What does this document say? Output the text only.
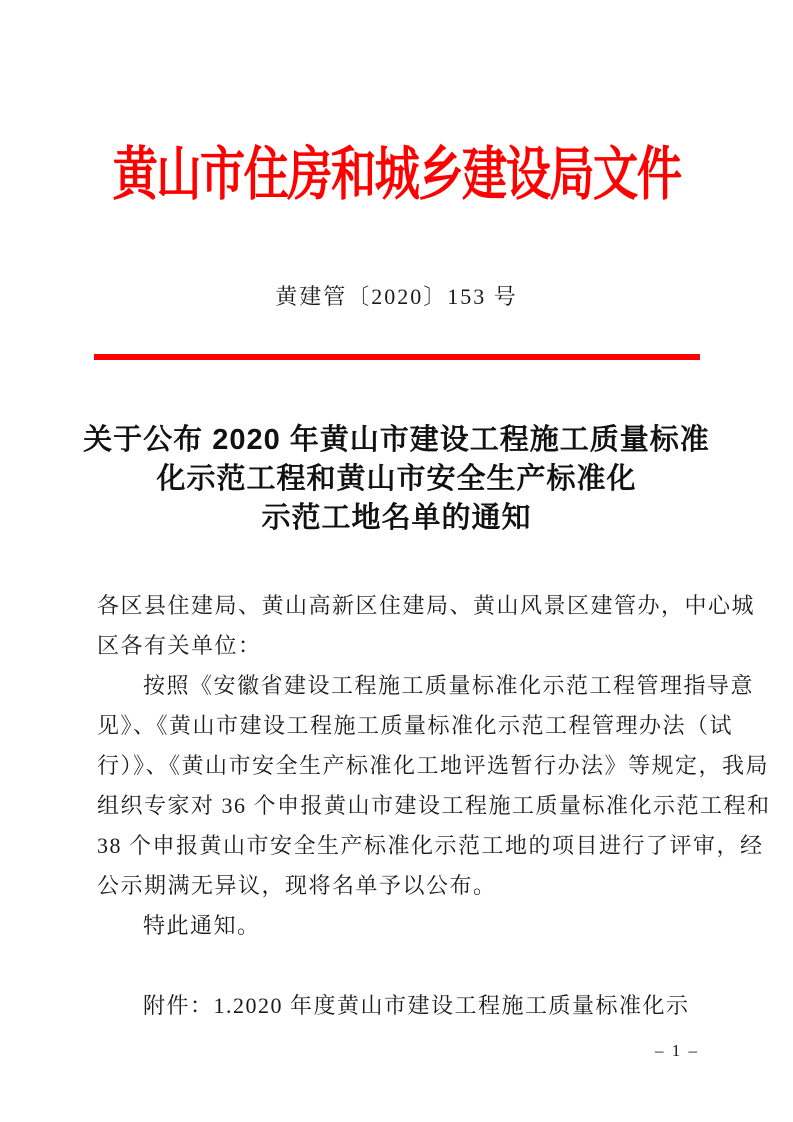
黄山市住房和城乡建设局文件
黄建管〔2020〕153 号
关于公布 2020 年黄山市建设工程施工质量标准
化示范工程和黄山市安全生产标准化
示范工地名单的通知
各区县住建局、黄山高新区住建局、黄山风景区建管办，中心城
区各有关单位：
按照《安徽省建设工程施工质量标准化示范工程管理指导意
见》、《黄山市建设工程施工质量标准化示范工程管理办法（试
行）》、《黄山市安全生产标准化工地评选暂行办法》等规定，我局
组织专家对 36 个申报黄山市建设工程施工质量标准化示范工程和
38 个申报黄山市安全生产标准化示范工地的项目进行了评审，经
公示期满无异议，现将名单予以公布。
特此通知。
附件：1.2020 年度黄山市建设工程施工质量标准化示
– 1 –
